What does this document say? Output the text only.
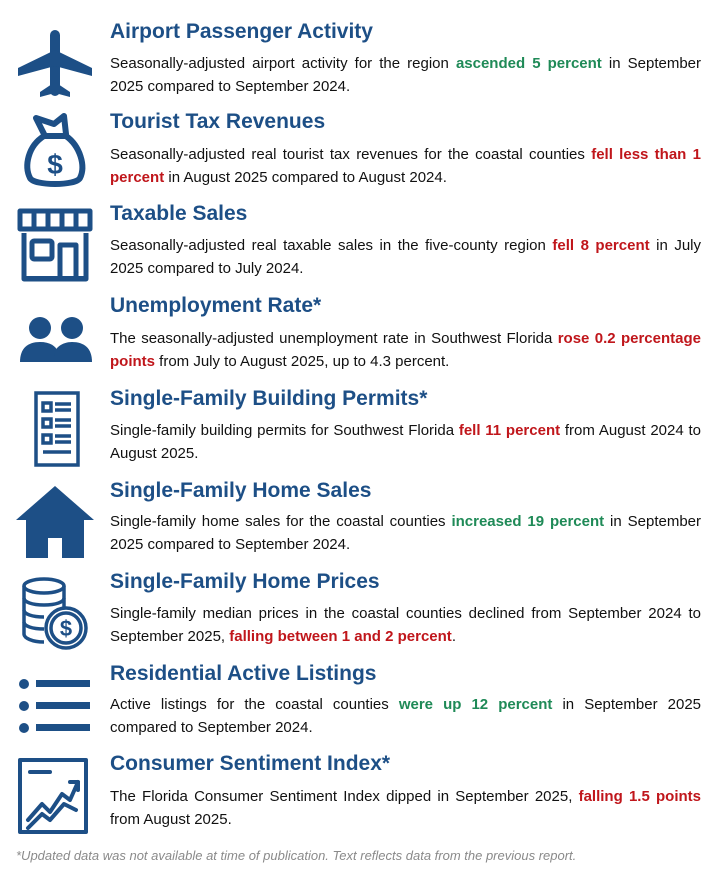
Airport Passenger Activity
Seasonally-adjusted airport activity for the region ascended 5 percent in September 2025 compared to September 2024.
$
Tourist Tax Revenues
Seasonally-adjusted real tourist tax revenues for the coastal counties fell less than 1 percent in August 2025 compared to August 2024.
Taxable Sales
Seasonally-adjusted real taxable sales in the five-county region fell 8 percent in July 2025 compared to July 2024.
Unemployment Rate*
The seasonally-adjusted unemployment rate in Southwest Florida rose 0.2 percentage points from July to August 2025, up to 4.3 percent.
Single-Family Building Permits*
Single-family building permits for Southwest Florida fell 11 percent from August 2024 to August 2025.
Single-Family Home Sales
Single-family home sales for the coastal counties increased 19 percent in September 2025 compared to September 2024.
$
Single-Family Home Prices
Single-family median prices in the coastal counties declined from September 2024 to September 2025, falling between 1 and 2 percent.
Residential Active Listings
Active listings for the coastal counties were up 12 percent in September 2025 compared to September 2024.
Consumer Sentiment Index*
The Florida Consumer Sentiment Index dipped in September 2025, falling 1.5 points from August 2025.
*Updated data was not available at time of publication. Text reflects data from the previous report.
